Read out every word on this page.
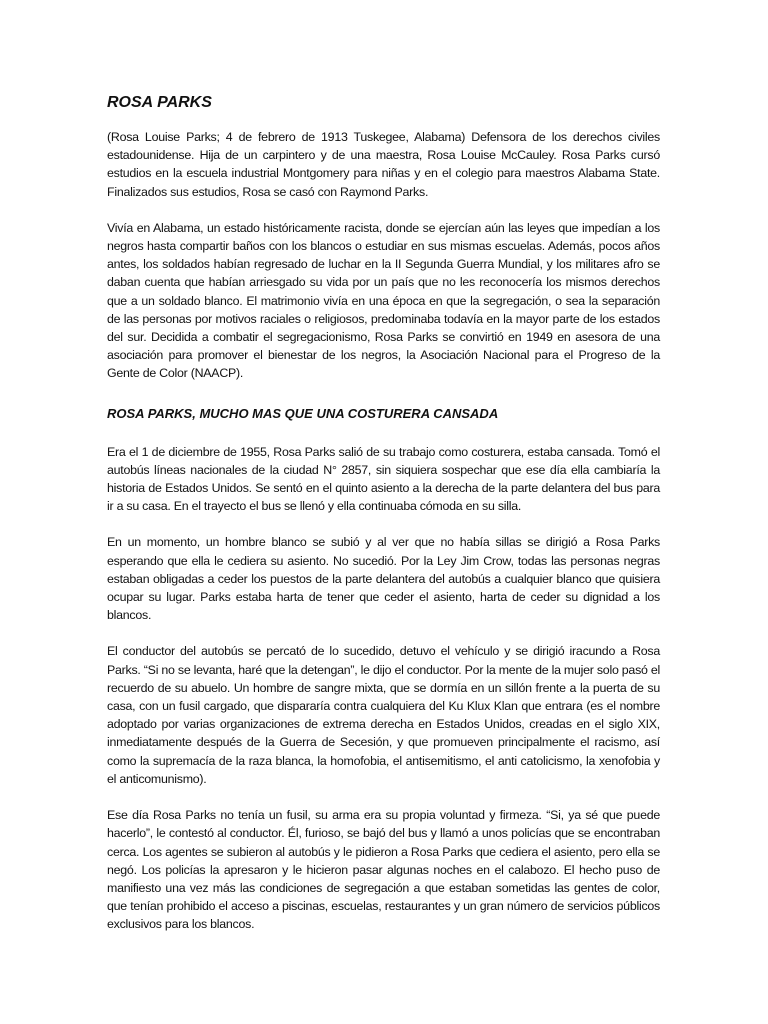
ROSA PARKS

(Rosa Louise Parks; 4 de febrero de 1913 Tuskegee, Alabama) Defensora de los derechos civiles estadounidense. Hija de un carpintero y de una maestra, Rosa Louise McCauley. Rosa Parks cursó estudios en la escuela industrial Montgomery para niñas y en el colegio para maestros Alabama State. Finalizados sus estudios, Rosa se casó con Raymond Parks.

Vivía en Alabama, un estado históricamente racista, donde se ejercían aún las leyes que impedían a los negros hasta compartir baños con los blancos o estudiar en sus mismas escuelas. Además, pocos años antes, los soldados habían regresado de luchar en la II Segunda Guerra Mundial, y los militares afro se daban cuenta que habían arriesgado su vida por un país que no les reconocería los mismos derechos que a un soldado blanco. El matrimonio vivía en una época en que la segregación, o sea la separación de las personas por motivos raciales o religiosos, predominaba todavía en la mayor parte de los estados del sur. Decidida a combatir el segregacionismo, Rosa Parks se convirtió en 1949 en asesora de una asociación para promover el bienestar de los negros, la Asociación Nacional para el Progreso de la Gente de Color (NAACP).

ROSA PARKS, MUCHO MAS QUE UNA COSTURERA CANSADA

Era el 1 de diciembre de 1955, Rosa Parks salió de su trabajo como costurera, estaba cansada. Tomó el autobús líneas nacionales de la ciudad N° 2857, sin siquiera sospechar que ese día ella cambiaría la historia de Estados Unidos. Se sentó en el quinto asiento a la derecha de la parte delantera del bus para ir a su casa. En el trayecto el bus se llenó y ella continuaba cómoda en su silla.

En un momento, un hombre blanco se subió y al ver que no había sillas se dirigió a Rosa Parks esperando que ella le cediera su asiento. No sucedió. Por la Ley Jim Crow, todas las personas negras estaban obligadas a ceder los puestos de la parte delantera del autobús a cualquier blanco que quisiera ocupar su lugar. Parks estaba harta de tener que ceder el asiento, harta de ceder su dignidad a los blancos.

El conductor del autobús se percató de lo sucedido, detuvo el vehículo y se dirigió iracundo a Rosa Parks. “Si no se levanta, haré que la detengan”, le dijo el conductor. Por la mente de la mujer solo pasó el recuerdo de su abuelo. Un hombre de sangre mixta, que se dormía en un sillón frente a la puerta de su casa, con un fusil cargado, que dispararía contra cualquiera del Ku Klux Klan que entrara (es el nombre adoptado por varias organizaciones de extrema derecha en Estados Unidos, creadas en el siglo XIX, inmediatamente después de la Guerra de Secesión, y que promueven principalmente el racismo, así como la supremacía de la raza blanca, la homofobia, el antisemitismo, el anti catolicismo, la xenofobia y el anticomunismo).

Ese día Rosa Parks no tenía un fusil, su arma era su propia voluntad y firmeza. “Si, ya sé que puede hacerlo”, le contestó al conductor. Él, furioso, se bajó del bus y llamó a unos policías que se encontraban cerca. Los agentes se subieron al autobús y le pidieron a Rosa Parks que cediera el asiento, pero ella se negó. Los policías la apresaron y le hicieron pasar algunas noches en el calabozo. El hecho puso de manifiesto una vez más las condiciones de segregación a que estaban sometidas las gentes de color, que tenían prohibido el acceso a piscinas, escuelas, restaurantes y un gran número de servicios públicos exclusivos para los blancos.
